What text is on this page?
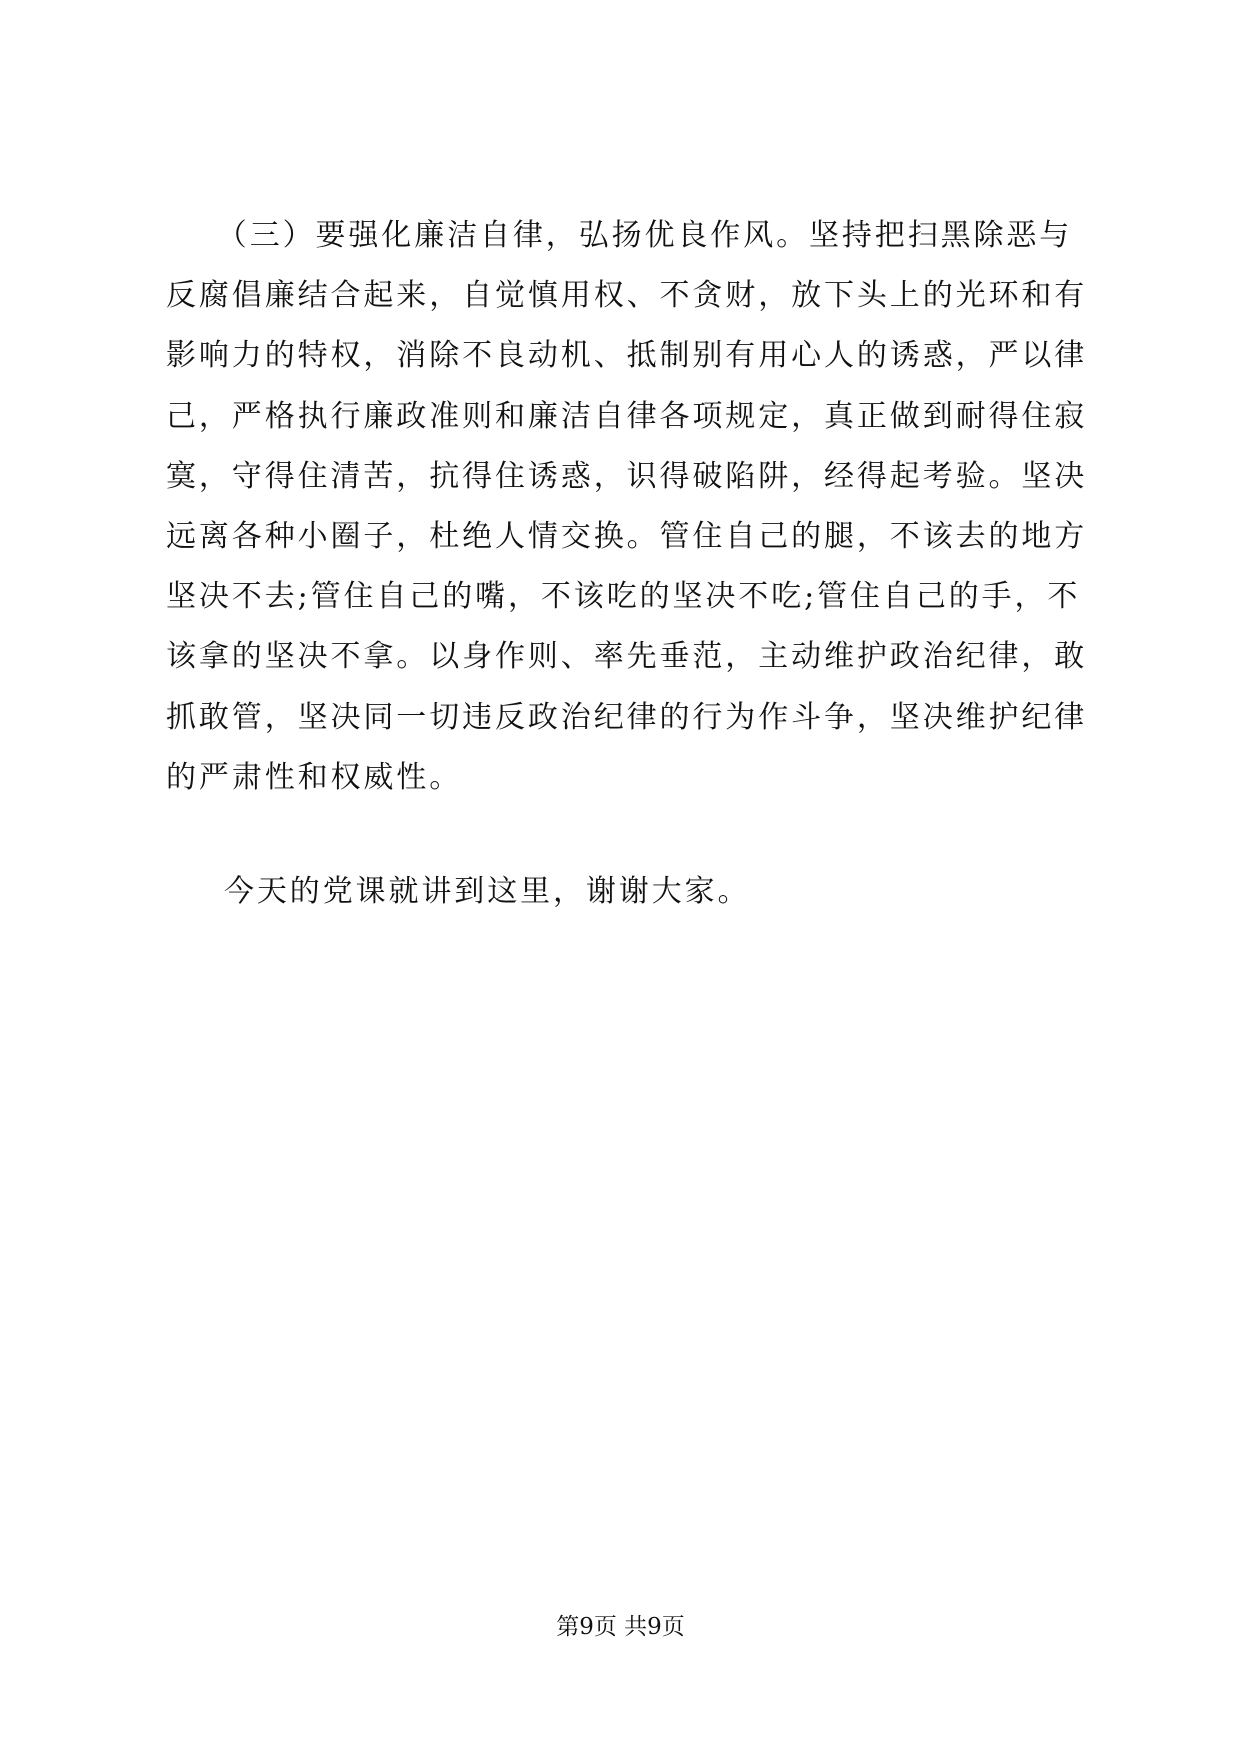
　　（三）要强化廉洁自律，弘扬优良作风。坚持把扫黑除恶与
反腐倡廉结合起来，自觉慎用权、不贪财，放下头上的光环和有
影响力的特权，消除不良动机、抵制别有用心人的诱惑，严以律
己，严格执行廉政准则和廉洁自律各项规定，真正做到耐得住寂
寞，守得住清苦，抗得住诱惑，识得破陷阱，经得起考验。坚决
远离各种小圈子，杜绝人情交换。管住自己的腿，不该去的地方
坚决不去;管住自己的嘴，不该吃的坚决不吃;管住自己的手，不
该拿的坚决不拿。以身作则、率先垂范，主动维护政治纪律，敢
抓敢管，坚决同一切违反政治纪律的行为作斗争，坚决维护纪律
的严肃性和权威性。
今天的党课就讲到这里，谢谢大家。
第9页 共9页
